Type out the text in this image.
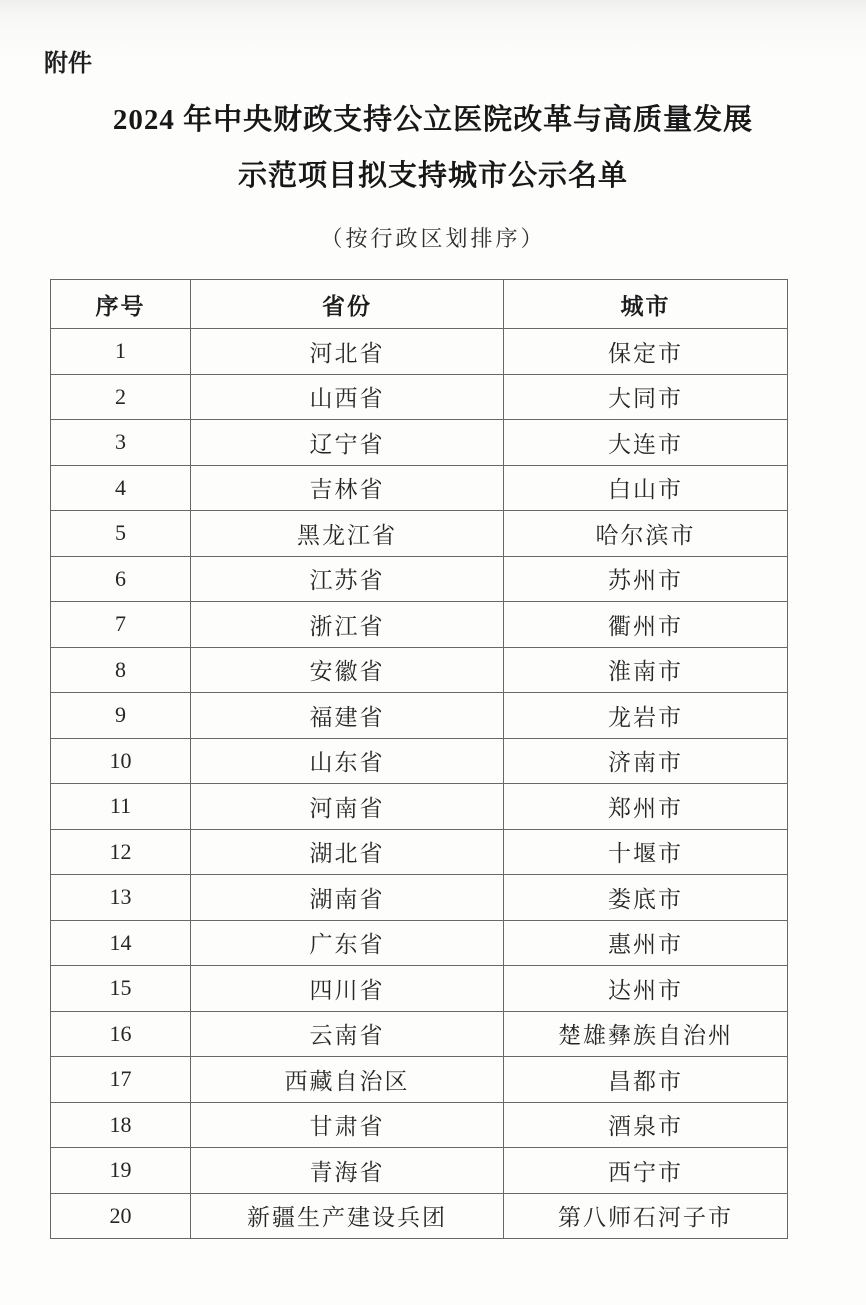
附件
2024 年中央财政支持公立医院改革与高质量发展
示范项目拟支持城市公示名单
（按行政区划排序）
序号	省份	城市
1	河北省	保定市
2	山西省	大同市
3	辽宁省	大连市
4	吉林省	白山市
5	黑龙江省	哈尔滨市
6	江苏省	苏州市
7	浙江省	衢州市
8	安徽省	淮南市
9	福建省	龙岩市
10	山东省	济南市
11	河南省	郑州市
12	湖北省	十堰市
13	湖南省	娄底市
14	广东省	惠州市
15	四川省	达州市
16	云南省	楚雄彝族自治州
17	西藏自治区	昌都市
18	甘肃省	酒泉市
19	青海省	西宁市
20	新疆生产建设兵团	第八师石河子市
